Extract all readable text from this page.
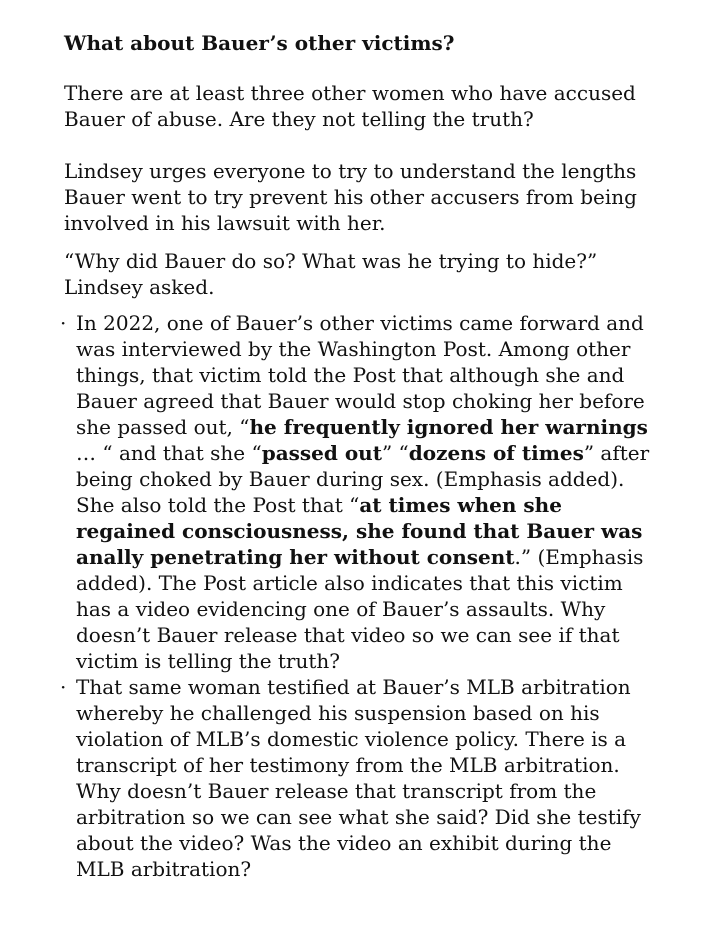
What about Bauer’s other victims?

There are at least three other women who have accused Bauer of abuse. Are they not telling the truth?

Lindsey urges everyone to try to understand the lengths Bauer went to try prevent his other accusers from being involved in his lawsuit with her.

“Why did Bauer do so? What was he trying to hide?” Lindsey asked.

· In 2022, one of Bauer’s other victims came forward and was interviewed by the Washington Post. Among other things, that victim told the Post that although she and Bauer agreed that Bauer would stop choking her before she passed out, “he frequently ignored her warnings … “ and that she “passed out” “dozens of times” after being choked by Bauer during sex. (Emphasis added). She also told the Post that “at times when she regained consciousness, she found that Bauer was anally penetrating her without consent.” (Emphasis added). The Post article also indicates that this victim has a video evidencing one of Bauer’s assaults. Why doesn’t Bauer release that video so we can see if that victim is telling the truth?
· That same woman testified at Bauer’s MLB arbitration whereby he challenged his suspension based on his violation of MLB’s domestic violence policy. There is a transcript of her testimony from the MLB arbitration. Why doesn’t Bauer release that transcript from the arbitration so we can see what she said? Did she testify about the video? Was the video an exhibit during the MLB arbitration?
